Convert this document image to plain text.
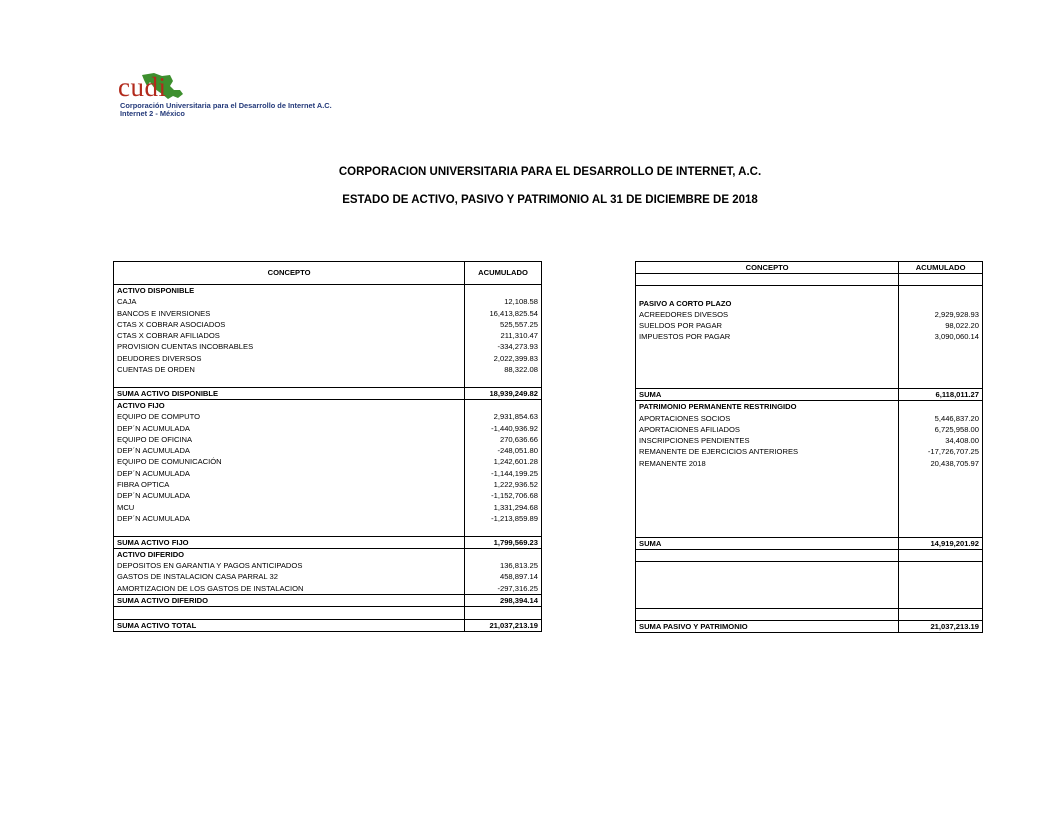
cudi
Corporación Universitaria para el Desarrollo de Internet A.C.
Internet 2 - México
CORPORACION UNIVERSITARIA PARA EL DESARROLLO DE INTERNET, A.C.
ESTADO DE ACTIVO, PASIVO Y PATRIMONIO AL 31 DE DICIEMBRE DE 2018
CONCEPTO	ACUMULADO
ACTIVO DISPONIBLE	
CAJA	12,108.58
BANCOS E INVERSIONES	16,413,825.54
CTAS X COBRAR ASOCIADOS	525,557.25
CTAS X COBRAR AFILIADOS	211,310.47
PROVISION CUENTAS INCOBRABLES	-334,273.93
DEUDORES DIVERSOS	2,022,399.83
CUENTAS DE ORDEN	88,322.08

SUMA ACTIVO DISPONIBLE	18,939,249.82
ACTIVO FIJO	
EQUIPO DE COMPUTO	2,931,854.63
DEP´N ACUMULADA	-1,440,936.92
EQUIPO DE OFICINA	270,636.66
DEP´N ACUMULADA	-248,051.80
EQUIPO DE COMUNICACIÓN	1,242,601.28
DEP´N ACUMULADA	-1,144,199.25
FIBRA OPTICA	1,222,936.52
DEP´N ACUMULADA	-1,152,706.68
MCU	1,331,294.68
DEP´N ACUMULADA	-1,213,859.89

SUMA ACTIVO FIJO	1,799,569.23
ACTIVO DIFERIDO	
DEPOSITOS EN GARANTIA Y PAGOS ANTICIPADOS	136,813.25
GASTOS DE INSTALACION CASA PARRAL 32	458,897.14
AMORTIZACION DE LOS GASTOS DE INSTALACION	-297,316.25
SUMA ACTIVO DIFERIDO	298,394.14

SUMA ACTIVO TOTAL	21,037,213.19
CONCEPTO	ACUMULADO

PASIVO A CORTO PLAZO	
ACREEDORES DIVESOS	2,929,928.93
SUELDOS POR PAGAR	98,022.20
IMPUESTOS POR PAGAR	3,090,060.14

SUMA	6,118,011.27
PATRIMONIO PERMANENTE RESTRINGIDO	
APORTACIONES SOCIOS	5,446,837.20
APORTACIONES AFILIADOS	6,725,958.00
INSCRIPCIONES PENDIENTES	34,408.00
REMANENTE DE EJERCICIOS ANTERIORES	-17,726,707.25
REMANENTE 2018	20,438,705.97

SUMA	14,919,201.92

SUMA PASIVO Y PATRIMONIO	21,037,213.19
